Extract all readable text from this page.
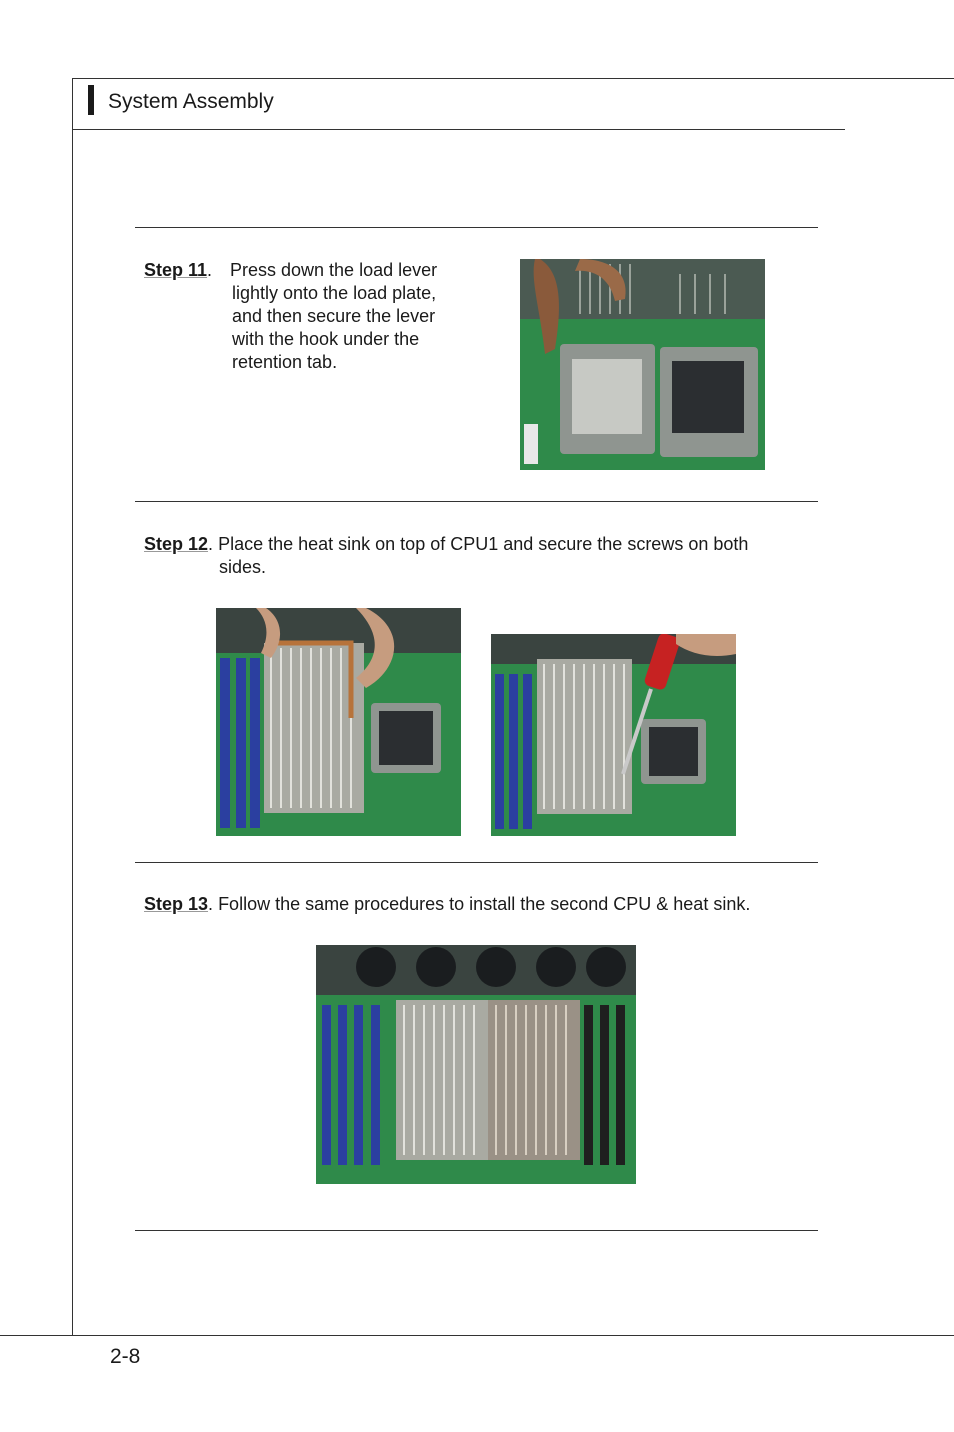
System Assembly
Step 11. Press down the load lever
lightly onto the load plate,
and then secure the lever
with the hook under the
retention tab.
Step 12. Place the heat sink on top of CPU1 and secure the screws on both
sides.
Step 13. Follow the same procedures to install the second CPU & heat sink.
2-8
